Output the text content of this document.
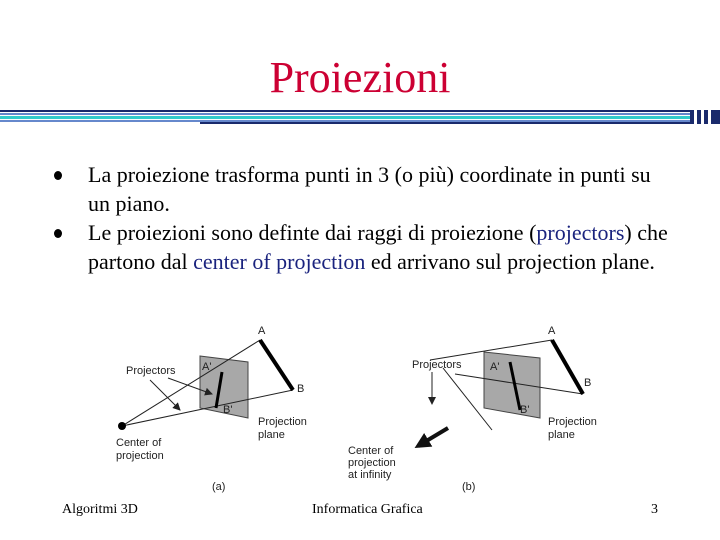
Proiezioni
La proiezione trasforma punti in 3 (o più) coordinate in punti su un piano.
Le proiezioni sono definte dai raggi di proiezione (projectors) che partono dal center of projection ed arrivano sul projection plane.
A
B
A'
B'
Projectors
Projection
plane
Center of
projection
(a)
A
B
A'
B'
Projectors
Projection
plane
Center of
projection
at infinity
(b)
Algoritmi 3D	Informatica Grafica	3
